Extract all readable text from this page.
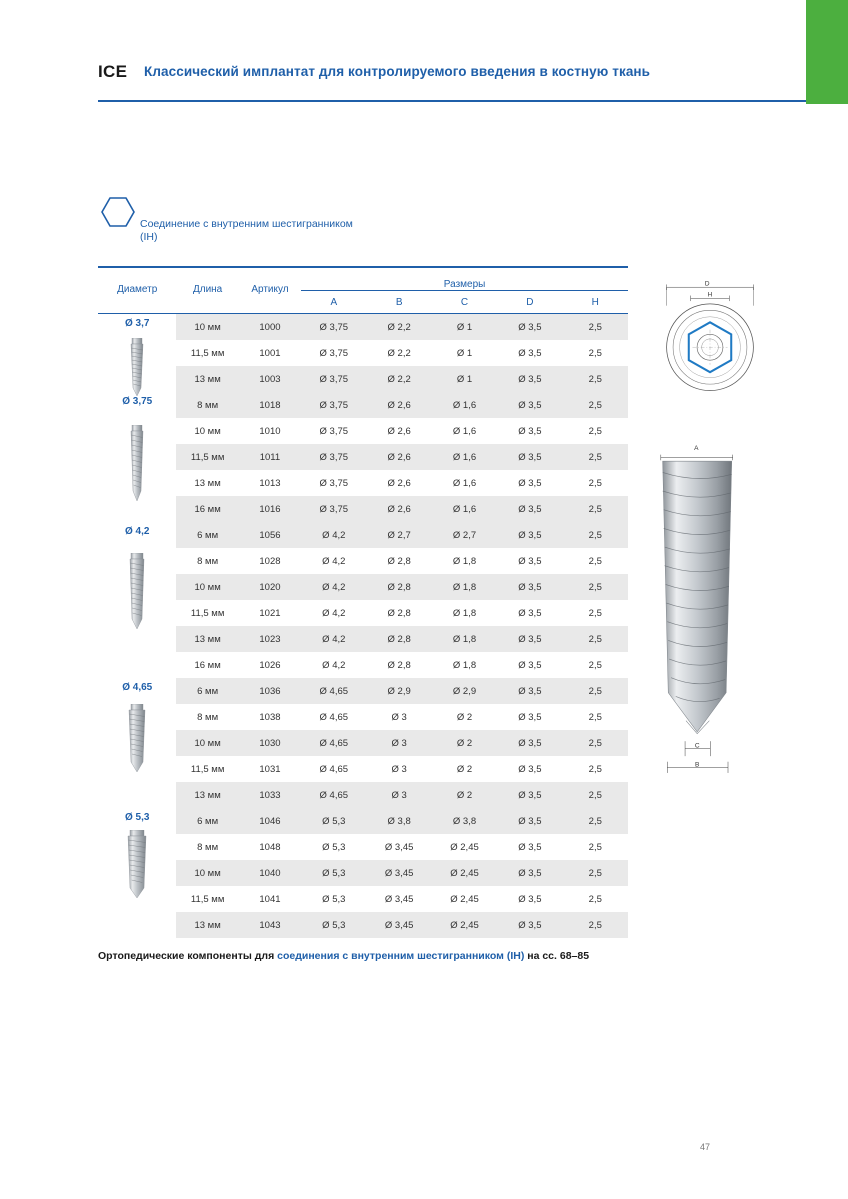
ICE Классический имплантат для контролируемого введения в костную ткань
Соединение с внутренним шестигранником (IH)
Диаметр	Длина	Артикул	Размеры				
			A	B	C	D	H

Ø 3,7	10 мм	1000	Ø 3,75	Ø 2,2	Ø 1	Ø 3,5	2,5
	11,5 мм	1001	Ø 3,75	Ø 2,2	Ø 1	Ø 3,5	2,5
	13 мм	1003	Ø 3,75	Ø 2,2	Ø 1	Ø 3,5	2,5
Ø 3,75	8 мм	1018	Ø 3,75	Ø 2,6	Ø 1,6	Ø 3,5	2,5
	10 мм	1010	Ø 3,75	Ø 2,6	Ø 1,6	Ø 3,5	2,5
	11,5 мм	1011	Ø 3,75	Ø 2,6	Ø 1,6	Ø 3,5	2,5
	13 мм	1013	Ø 3,75	Ø 2,6	Ø 1,6	Ø 3,5	2,5
	16 мм	1016	Ø 3,75	Ø 2,6	Ø 1,6	Ø 3,5	2,5
Ø 4,2	6 мм	1056	Ø 4,2	Ø 2,7	Ø 2,7	Ø 3,5	2,5
	8 мм	1028	Ø 4,2	Ø 2,8	Ø 1,8	Ø 3,5	2,5
	10 мм	1020	Ø 4,2	Ø 2,8	Ø 1,8	Ø 3,5	2,5
	11,5 мм	1021	Ø 4,2	Ø 2,8	Ø 1,8	Ø 3,5	2,5
	13 мм	1023	Ø 4,2	Ø 2,8	Ø 1,8	Ø 3,5	2,5
	16 мм	1026	Ø 4,2	Ø 2,8	Ø 1,8	Ø 3,5	2,5
Ø 4,65	6 мм	1036	Ø 4,65	Ø 2,9	Ø 2,9	Ø 3,5	2,5
	8 мм	1038	Ø 4,65	Ø 3	Ø 2	Ø 3,5	2,5
	10 мм	1030	Ø 4,65	Ø 3	Ø 2	Ø 3,5	2,5
	11,5 мм	1031	Ø 4,65	Ø 3	Ø 2	Ø 3,5	2,5
	13 мм	1033	Ø 4,65	Ø 3	Ø 2	Ø 3,5	2,5
Ø 5,3	6 мм	1046	Ø 5,3	Ø 3,8	Ø 3,8	Ø 3,5	2,5
	8 мм	1048	Ø 5,3	Ø 3,45	Ø 2,45	Ø 3,5	2,5
	10 мм	1040	Ø 5,3	Ø 3,45	Ø 2,45	Ø 3,5	2,5
	11,5 мм	1041	Ø 5,3	Ø 3,45	Ø 2,45	Ø 3,5	2,5
	13 мм	1043	Ø 5,3	Ø 3,45	Ø 2,45	Ø 3,5	2,5
D
H
A
C
B
Ортопедические компоненты для соединения с внутренним шестигранником (IH) на сс. 68–85
47
